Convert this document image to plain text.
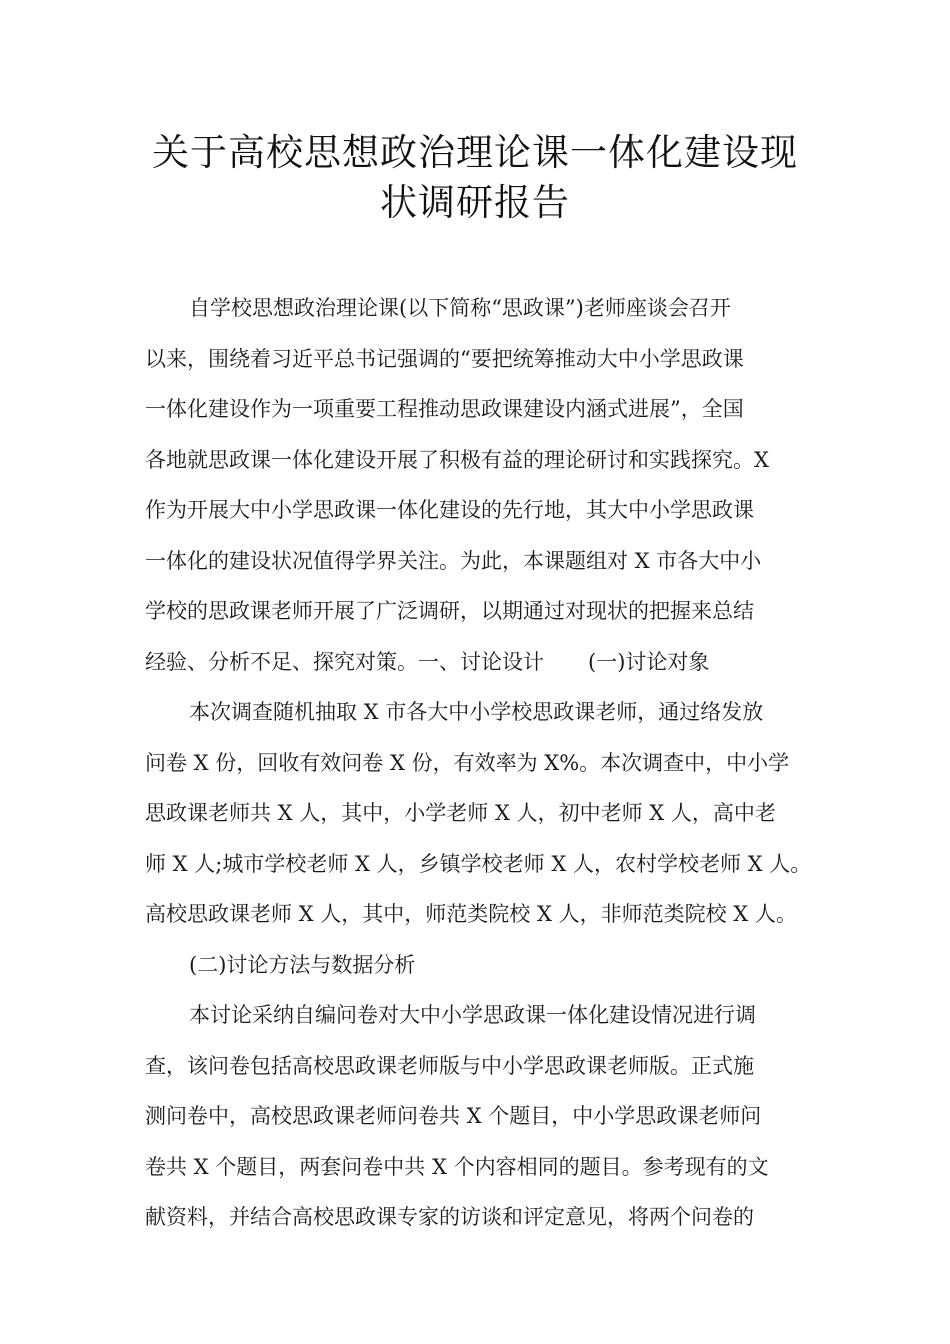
关于高校思想政治理论课一体化建设现
状调研报告
自学校思想政治理论课(以下简称“思政课”)老师座谈会召开
以来，围绕着习近平总书记强调的“要把统筹推动大中小学思政课
一体化建设作为一项重要工程推动思政课建设内涵式进展”，全国
各地就思政课一体化建设开展了积极有益的理论研讨和实践探究。X
作为开展大中小学思政课一体化建设的先行地，其大中小学思政课
一体化的建设状况值得学界关注。为此，本课题组对 X 市各大中小
学校的思政课老师开展了广泛调研，以期通过对现状的把握来总结
经验、分析不足、探究对策。一、讨论设计 (一)讨论对象
本次调查随机抽取 X 市各大中小学校思政课老师，通过络发放
问卷 X 份，回收有效问卷 X 份，有效率为 X%。本次调查中，中小学
思政课老师共 X 人，其中，小学老师 X 人，初中老师 X 人，高中老
师 X 人;城市学校老师 X 人，乡镇学校老师 X 人，农村学校老师 X 人。
高校思政课老师 X 人，其中，师范类院校 X 人，非师范类院校 X 人。
(二)讨论方法与数据分析
本讨论采纳自编问卷对大中小学思政课一体化建设情况进行调
查，该问卷包括高校思政课老师版与中小学思政课老师版。正式施
测问卷中，高校思政课老师问卷共 X 个题目，中小学思政课老师问
卷共 X 个题目，两套问卷中共 X 个内容相同的题目。参考现有的文
献资料，并结合高校思政课专家的访谈和评定意见，将两个问卷的
